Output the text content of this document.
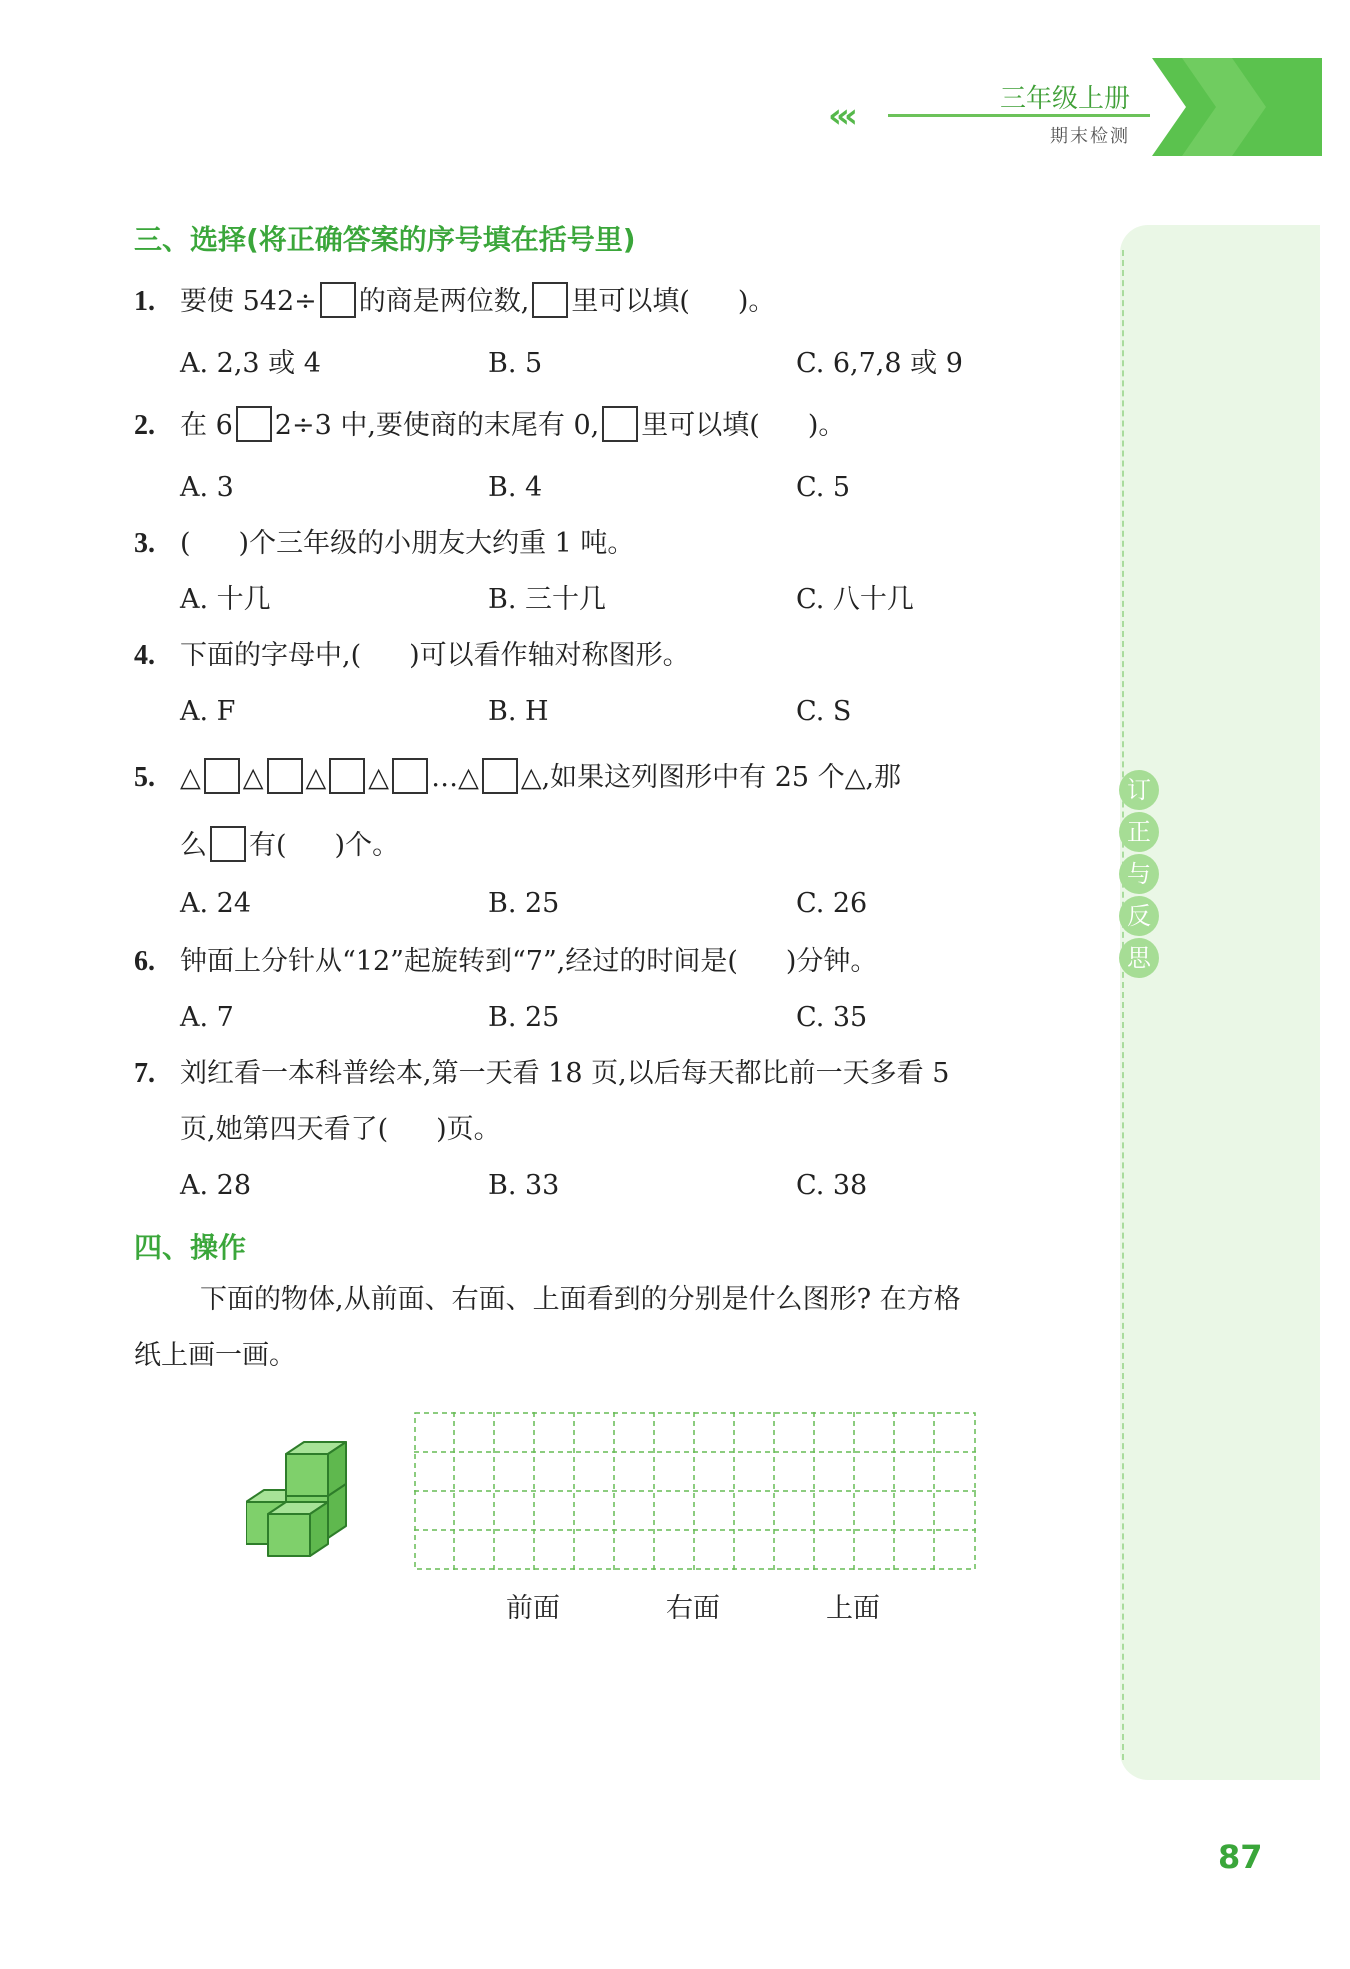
‹‹‹	三年级上册
期末检测
订
正
与
反
思
三、选择(将正确答案的序号填在括号里)
1. 要使 542÷ 的商是两位数, 里可以填( )。
A. 2,3 或 4	B. 5	C. 6,7,8 或 9
2. 在 6 2÷3 中,要使商的末尾有 0, 里可以填( )。
A. 3	B. 4	C. 5
3. ( )个三年级的小朋友大约重 1 吨。
A. 十几	B. 三十几	C. 八十几
4. 下面的字母中,( )可以看作轴对称图形。
A. F	B. H	C. S
5. △ △ △ △ …△ △,如果这列图形中有 25 个△,那
么 有( )个。
A. 24	B. 25	C. 26
6. 钟面上分针从“12”起旋转到“7”,经过的时间是( )分钟。
A. 7	B. 25	C. 35
7. 刘红看一本科普绘本,第一天看 18 页,以后每天都比前一天多看 5
页,她第四天看了( )页。
A. 28	B. 33	C. 38
四、操作
下面的物体,从前面、右面、上面看到的分别是什么图形? 在方格
纸上画一画。
前面	右面	上面
87
